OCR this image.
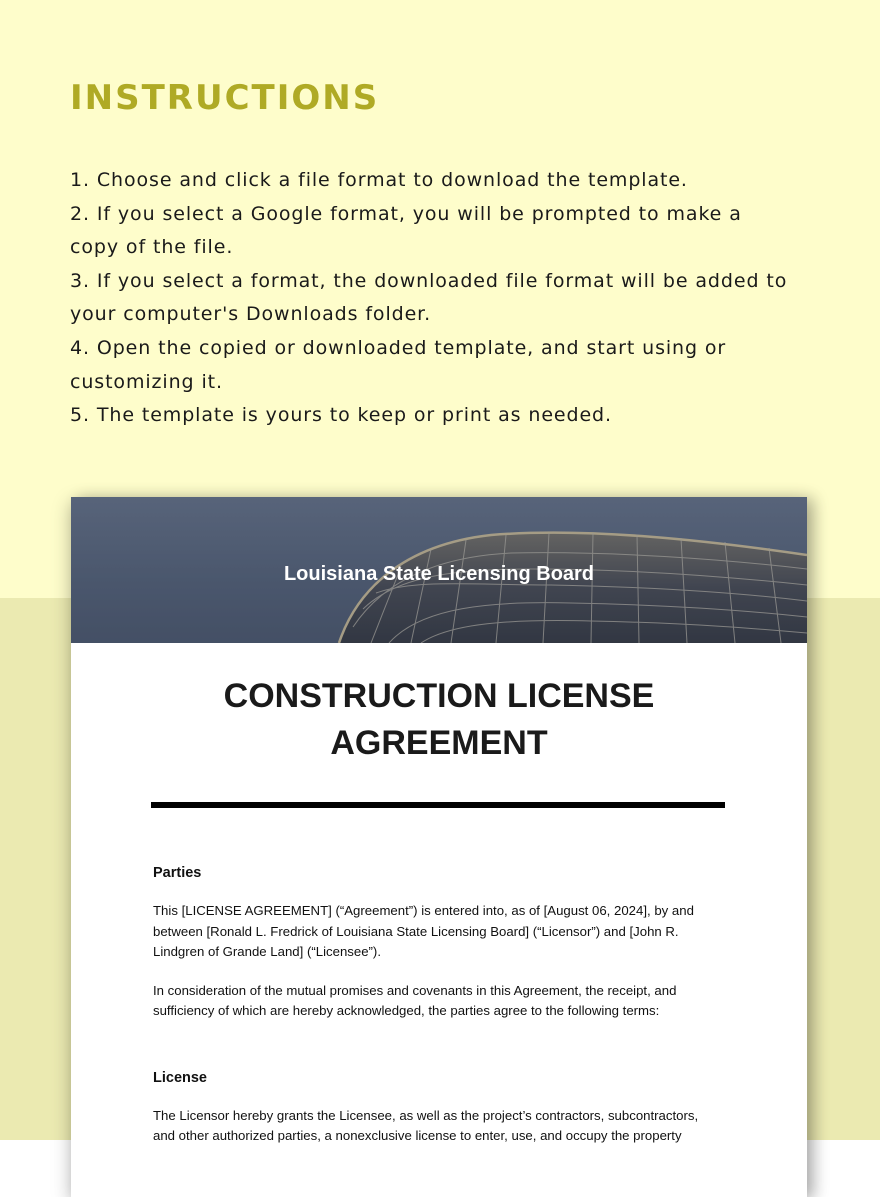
INSTRUCTIONS
1. Choose and click a file format to download the template.
2. If you select a Google format, you will be prompted to make a copy of the file.
3. If you select a format, the downloaded file format will be added to your computer's Downloads folder.
4. Open the copied or downloaded template, and start using or customizing it.
5. The template is yours to keep or print as needed.
Louisiana State Licensing Board
CONSTRUCTION LICENSE
AGREEMENT

Parties

This [LICENSE AGREEMENT] (“Agreement”) is entered into, as of [August 06, 2024], by and between [Ronald L. Fredrick of Louisiana State Licensing Board] (“Licensor”) and [John R. Lindgren of Grande Land] (“Licensee”).

In consideration of the mutual promises and covenants in this Agreement, the receipt, and sufficiency of which are hereby acknowledged, the parties agree to the following terms:

License

The Licensor hereby grants the Licensee, as well as the project’s contractors, subcontractors, and other authorized parties, a nonexclusive license to enter, use, and occupy the property
